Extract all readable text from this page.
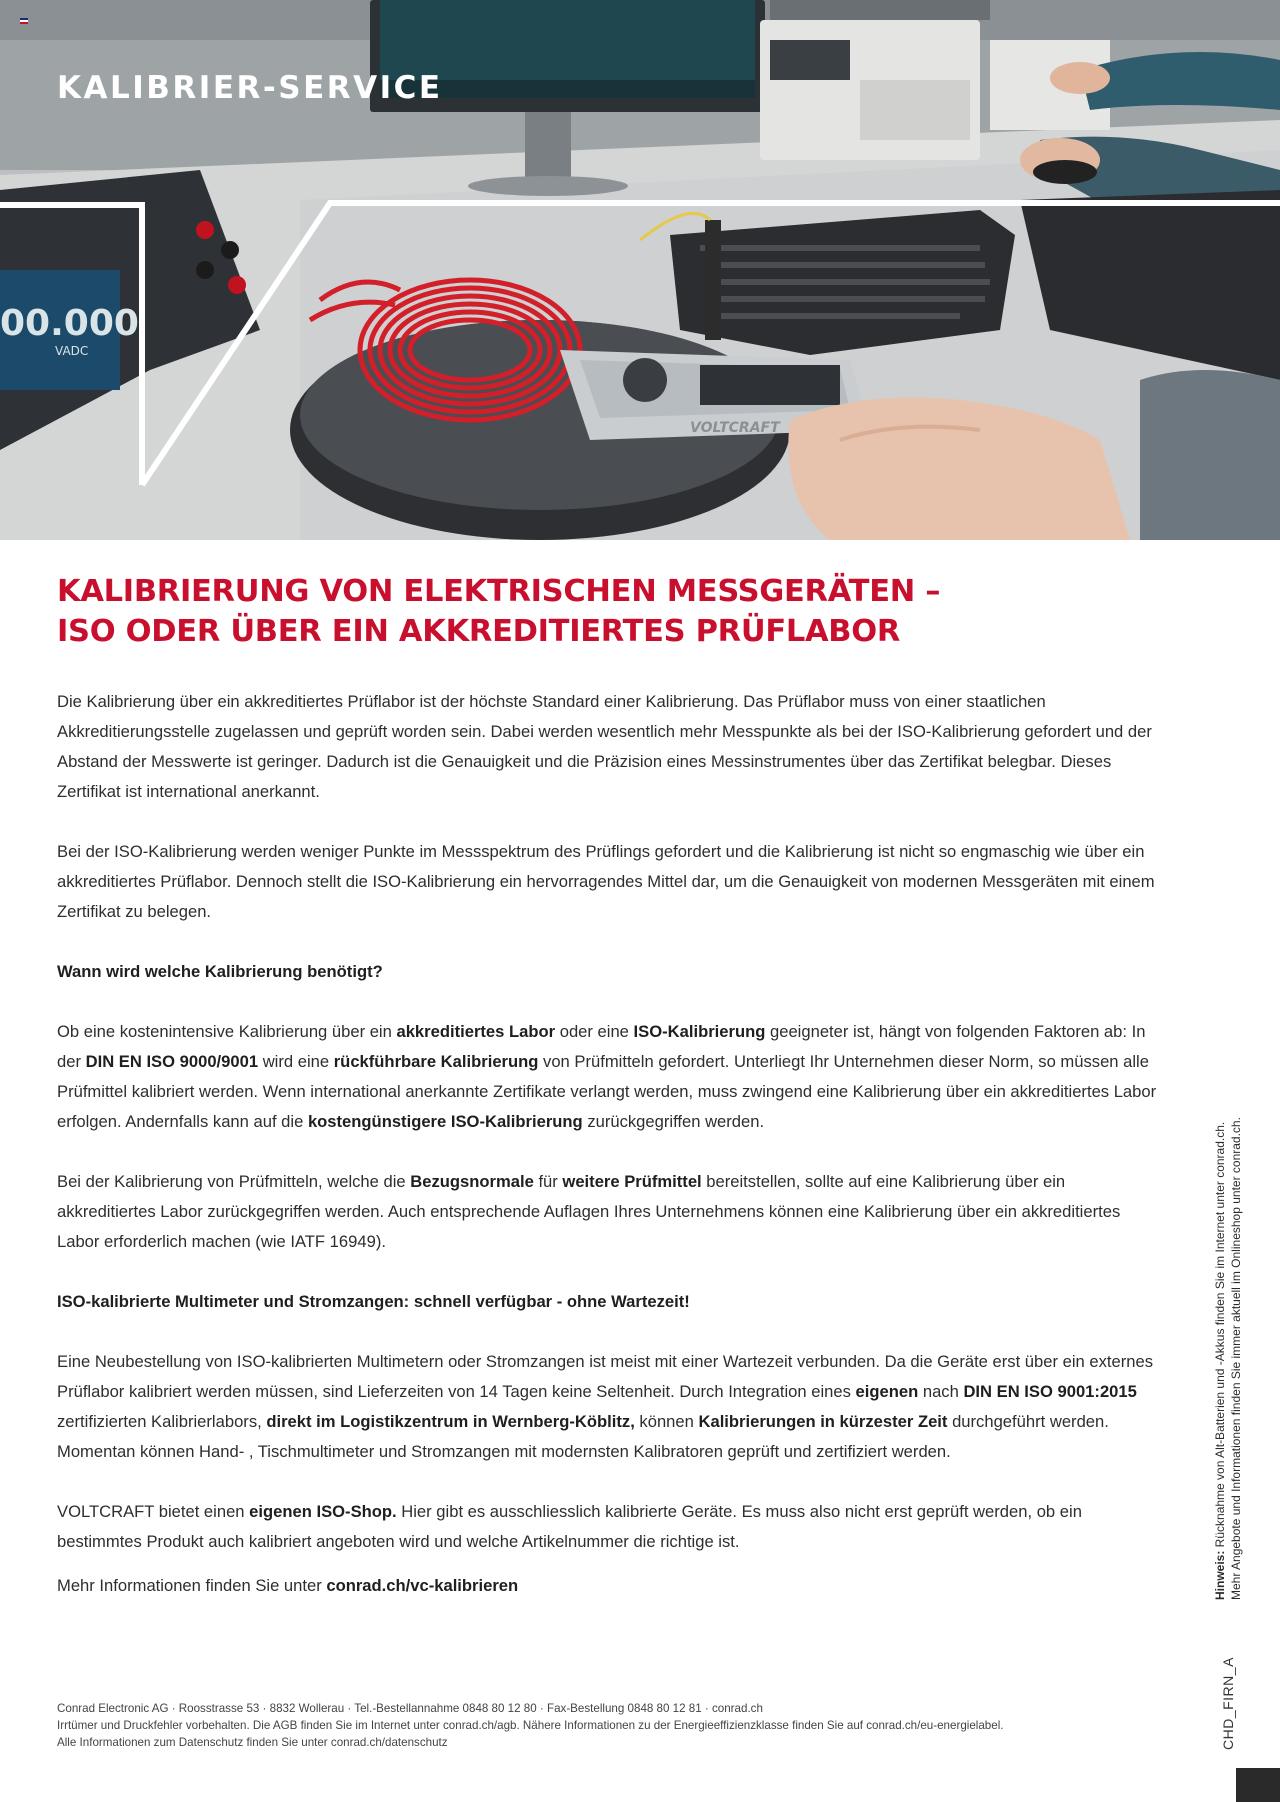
00.000
VADC
VOLTCRAFT
KALIBRIER-SERVICE
KALIBRIERUNG VON ELEKTRISCHEN MESSGERÄTEN –
ISO ODER ÜBER EIN AKKREDITIERTES PRÜFLABOR

Die Kalibrierung über ein akkreditiertes Prüflabor ist der höchste Standard einer Kalibrierung. Das Prüflabor muss von einer staatlichen Akkreditierungsstelle zugelassen und geprüft worden sein. Dabei werden wesentlich mehr Messpunkte als bei der ISO-Kalibrierung gefordert und der Abstand der Messwerte ist geringer. Dadurch ist die Genauigkeit und die Präzision eines Messinstrumentes über das Zertifikat belegbar. Dieses Zertifikat ist international anerkannt.

Bei der ISO-Kalibrierung werden weniger Punkte im Messspektrum des Prüflings gefordert und die Kalibrierung ist nicht so engmaschig wie über ein akkreditiertes Prüflabor. Dennoch stellt die ISO-Kalibrierung ein hervorragendes Mittel dar, um die Genauigkeit von modernen Messgeräten mit einem Zertifikat zu belegen.

Wann wird welche Kalibrierung benötigt?

Ob eine kostenintensive Kalibrierung über ein akkreditiertes Labor oder eine ISO-Kalibrierung geeigneter ist, hängt von folgenden Faktoren ab: In der DIN EN ISO 9000/9001 wird eine rückführbare Kalibrierung von Prüfmitteln gefordert. Unterliegt Ihr Unternehmen dieser Norm, so müssen alle Prüfmittel kalibriert werden. Wenn international anerkannte Zertifikate verlangt werden, muss zwingend eine Kalibrierung über ein akkreditiertes Labor erfolgen. Andernfalls kann auf die kostengünstigere ISO-Kalibrierung zurückgegriffen werden.

Bei der Kalibrierung von Prüfmitteln, welche die Bezugsnormale für weitere Prüfmittel bereitstellen, sollte auf eine Kalibrierung über ein akkreditiertes Labor zurückgegriffen werden. Auch entsprechende Auflagen Ihres Unternehmens können eine Kalibrierung über ein akkreditiertes Labor erforderlich machen (wie IATF 16949).

ISO-kalibrierte Multimeter und Stromzangen: schnell verfügbar - ohne Wartezeit!

Eine Neubestellung von ISO-kalibrierten Multimetern oder Stromzangen ist meist mit einer Wartezeit verbunden. Da die Geräte erst über ein externes Prüflabor kalibriert werden müssen, sind Lieferzeiten von 14 Tagen keine Seltenheit. Durch Integration eines eigenen nach DIN EN ISO 9001:2015 zertifizierten Kalibrierlabors, direkt im Logistikzentrum in Wernberg-Köblitz, können Kalibrierungen in kürzester Zeit durchgeführt werden. Momentan können Hand- , Tischmultimeter und Stromzangen mit modernsten Kalibratoren geprüft und zertifiziert werden.

VOLTCRAFT bietet einen eigenen ISO-Shop. Hier gibt es ausschliesslich kalibrierte Geräte. Es muss also nicht erst geprüft werden, ob ein bestimmtes Produkt auch kalibriert angeboten wird und welche Artikelnummer die richtige ist.

Mehr Informationen finden Sie unter conrad.ch/vc-kalibrieren	Hinweis: Rücknahme von Alt-Batterien und -Akkus finden Sie im Internet unter conrad.ch. Mehr Angebote und Informationen finden Sie immer aktuell im Onlineshop unter conrad.ch.
CHD_FIRN_A
Conrad Electronic AG · Roosstrasse 53 · 8832 Wollerau · Tel.-Bestellannahme 0848 80 12 80 · Fax-Bestellung 0848 80 12 81 · conrad.ch
Irrtümer und Druckfehler vorbehalten. Die AGB finden Sie im Internet unter conrad.ch/agb. Nähere Informationen zu der Energieeffizienzklasse finden Sie auf conrad.ch/eu-energielabel.
Alle Informationen zum Datenschutz finden Sie unter conrad.ch/datenschutz
